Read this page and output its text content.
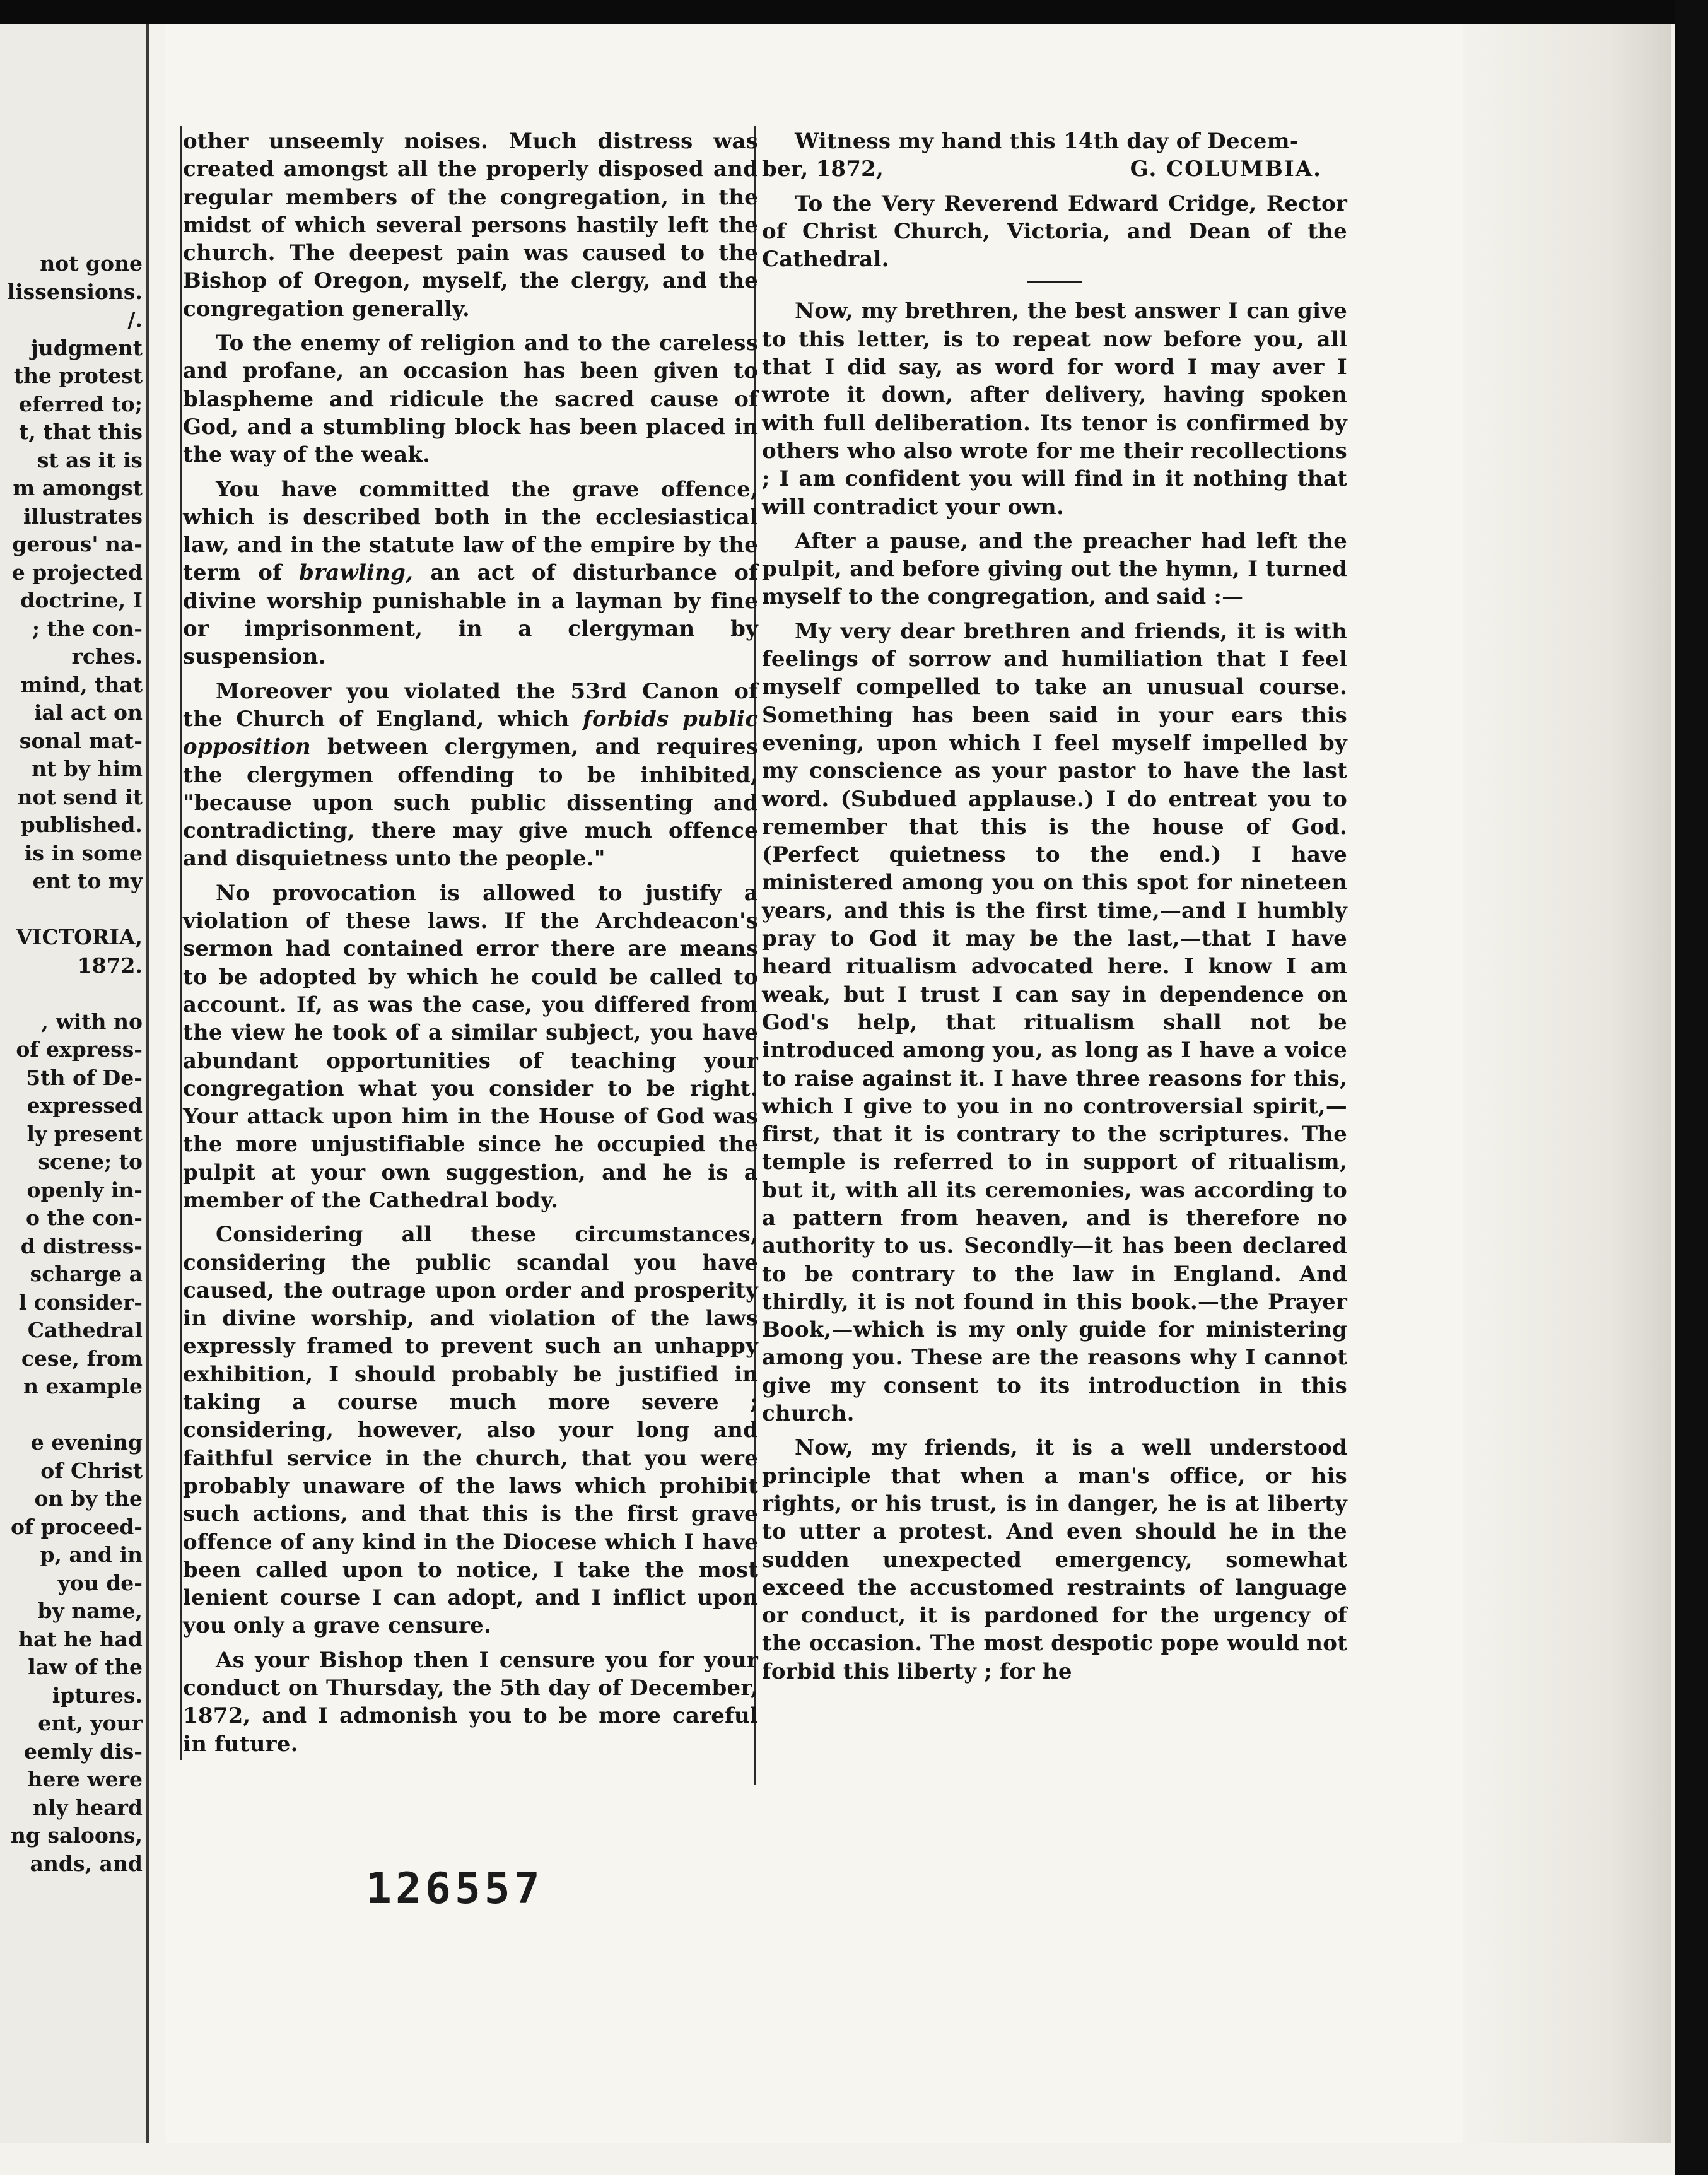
not gone
lissensions.
/.
judgment
the protest
eferred to;
t, that this
st as it is
m amongst
illustrates
gerous' na-
e projected
doctrine, I
; the con-
rches.
mind, that
ial act on
sonal mat-
nt by him
not send it
published.
is in some
ent to my
VICTORIA,
1872.
, with no
of express-
5th of De-
expressed
ly present
scene; to
openly in-
o the con-
d distress-
scharge a
l consider-
Cathedral
cese, from
n example
e evening
of Christ
on by the
of proceed-
p, and in
you de-
by name,
hat he had
law of the
iptures.
ent, your
eemly dis-
here were
nly heard
ng saloons,
ands, and

other unseemly noises. Much distress was created amongst all the properly disposed and regular members of the congregation, in the midst of which several persons hastily left the church. The deepest pain was caused to the Bishop of Oregon, myself, the clergy, and the congregation generally.

To the enemy of religion and to the careless and profane, an occasion has been given to blaspheme and ridicule the sacred cause of God, and a stumbling block has been placed in the way of the weak.

You have committed the grave offence, which is described both in the ecclesiastical law, and in the statute law of the empire by the term of brawling, an act of disturbance of divine worship punishable in a layman by fine or imprisonment, in a clergyman by suspension.

Moreover you violated the 53rd Canon of the Church of England, which forbids public opposition between clergymen, and requires the clergymen offending to be inhibited, "because upon such public dissenting and contradicting, there may give much offence and disquietness unto the people."

No provocation is allowed to justify a violation of these laws. If the Archdeacon's sermon had contained error there are means to be adopted by which he could be called to account. If, as was the case, you differed from the view he took of a similar subject, you have abundant opportunities of teaching your congregation what you consider to be right. Your attack upon him in the House of God was the more unjustifiable since he occupied the pulpit at your own suggestion, and he is a member of the Cathedral body.

Considering all these circumstances, considering the public scandal you have caused, the outrage upon order and prosperity in divine worship, and violation of the laws expressly framed to prevent such an unhappy exhibition, I should probably be justified in taking a course much more severe ; considering, however, also your long and faithful service in the church, that you were probably unaware of the laws which prohibit such actions, and that this is the first grave offence of any kind in the Diocese which I have been called upon to notice, I take the most lenient course I can adopt, and I inflict upon you only a grave censure.

As your Bishop then I censure you for your conduct on Thursday, the 5th day of December, 1872, and I admonish you to be more careful in future.

Witness my hand this 14th day of Decem-

ber, 1872,	G. COLUMBIA.

To the Very Reverend Edward Cridge, Rector of Christ Church, Victoria, and Dean of the Cathedral.

Now, my brethren, the best answer I can give to this letter, is to repeat now before you, all that I did say, as word for word I may aver I wrote it down, after delivery, having spoken with full deliberation. Its tenor is confirmed by others who also wrote for me their recollections ; I am confident you will find in it nothing that will contradict your own.

After a pause, and the preacher had left the pulpit, and before giving out the hymn, I turned myself to the congregation, and said :—

My very dear brethren and friends, it is with feelings of sorrow and humiliation that I feel myself compelled to take an unusual course. Something has been said in your ears this evening, upon which I feel myself impelled by my conscience as your pastor to have the last word. (Subdued applause.) I do entreat you to remember that this is the house of God. (Perfect quietness to the end.) I have ministered among you on this spot for nineteen years, and this is the first time,—and I humbly pray to God it may be the last,—that I have heard ritualism advocated here. I know I am weak, but I trust I can say in dependence on God's help, that ritualism shall not be introduced among you, as long as I have a voice to raise against it. I have three reasons for this, which I give to you in no controversial spirit,—first, that it is contrary to the scriptures. The temple is referred to in support of ritualism, but it, with all its ceremonies, was according to a pattern from heaven, and is therefore no authority to us. Secondly—it has been declared to be contrary to the law in England. And thirdly, it is not found in this book.—the Prayer Book,—which is my only guide for ministering among you. These are the reasons why I cannot give my consent to its introduction in this church.

Now, my friends, it is a well understood principle that when a man's office, or his rights, or his trust, is in danger, he is at liberty to utter a protest. And even should he in the sudden unexpected emergency, somewhat exceed the accustomed restraints of language or conduct, it is pardoned for the urgency of the occasion. The most despotic pope would not forbid this liberty ; for he

126557
